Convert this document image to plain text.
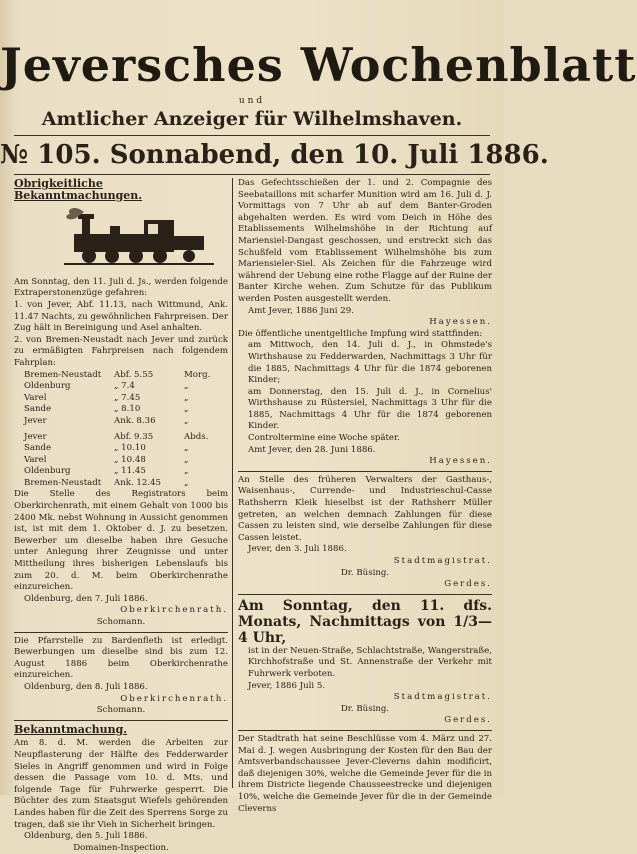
Jeversches Wochenblatt
und
Amtlicher Anzeiger für Wilhelmshaven.
№ 105. Sonnabend, den 10. Juli 1886.
Obrigkeitliche Bekanntmachungen.

Am Sonntag, den 11. Juli d. Js., werden folgende Extraperstonenzüge gefahren:

1. von Jever, Abf. 11.13, nach Wittmund, Ank. 11.47 Nachts, zu gewöhnlichen Fahrpreisen. Der Zug hält in Bereinigung und Asel anhalten.

2. von Bremen-Neustadt nach Jever und zurück zu ermäßigten Fahrpreisen nach folgendem Fahrplan:

Bremen-Neustadt	Abf. 5.55	Morg.
Oldenburg	„ 7.4	„
Varel	„ 7.45	„
Sande	„ 8.10	„
Jever	Ank. 8.36	„
Jever	Abf. 9.35	Abds.
Sande	„ 10.10	„
Varel	„ 10.48	„
Oldenburg	„ 11.45	„
Bremen-Neustadt	Ank. 12.45	„

Die Stelle des Registrators beim Oberkirchenrath, mit einem Gehalt von 1000 bis 2400 Mk. nebst Wohnung in Aussicht genommen ist, ist mit dem 1. Oktober d. J. zu besetzen. Bewerber um dieselbe haben ihre Gesuche unter Anlegung ihrer Zeugnisse und unter Mittheilung ihres bisherigen Lebenslaufs bis zum 20. d. M. beim Oberkirchenrathe einzureichen.

Oldenburg, den 7. Juli 1886.

Oberkirchenrath.

Schomann.

Die Pfarrstelle zu Bardenfleth ist erledigt. Bewerbungen um dieselbe sind bis zum 12. August 1886 beim Oberkirchenrathe einzureichen.

Oldenburg, den 8. Juli 1886.

Oberkirchenrath.

Schomann.

Bekanntmachung.

Am 8. d. M. werden die Arbeiten zur Neupflasterung der Hälfte des Fedderwarder Sieles in Angriff genommen und wird in Folge dessen die Passage vom 10. d. Mts. und folgende Tage für Fuhrwerke gesperrt. Die Büchter des zum Staatsgut Wiefels gehörenden Landes haben für die Zeit des Sperrens Sorge zu tragen, daß sie ihr Vieh in Sicherheit bringen.

Oldenburg, den 5. Juli 1886.

Domainen-Inspection.

Das Gefechtsschießen der 1. und 2. Compagnie des Seebataillons mit scharfer Munition wird am 16. Juli d. J. Vormittags von 7 Uhr ab auf dem Banter-Groden abgehalten werden. Es wird vom Deich in Höhe des Etablissements Wilhelmshöhe in der Richtung auf Mariensiel-Dangast geschossen, und erstreckt sich das Schußfeld vom Etablissement Wilhelmshöhe bis zum Mariensieler-Siel. Als Zeichen für die Fahrzeuge wird während der Uebung eine rothe Flagge auf der Ruine der Banter Kirche wehen. Zum Schutze für das Publikum werden Posten ausgestellt werden.

Amt Jever, 1886 Juni 29.

Hayessen.

Die öffentliche unentgeltliche Impfung wird stattfinden:

am Mittwoch, den 14. Juli d. J., in Ohmstede's Wirthshause zu Fedderwarden, Nachmittags 3 Uhr für die 1885, Nachmittags 4 Uhr für die 1874 geborenen Kinder;

am Donnerstag, den 15. Juli d. J., in Cornelius' Wirthshause zu Rüstersiel, Nachmittags 3 Uhr für die 1885, Nachmittags 4 Uhr für die 1874 geborenen Kinder.

Controltermine eine Woche später.

Amt Jever, den 28. Juni 1886.

Hayessen.

An Stelle des früheren Verwalters der Gasthaus-, Waisenhaus-, Currende- und Industrieschul-Casse Rathsherrn Kleik hieselbst ist der Rathsherr Müller getreten, an welchen demnach Zahlungen für diese Cassen zu leisten sind, wie derselbe Zahlungen für diese Cassen leistet.

Jever, den 3. Juli 1886.

Stadtmagistrat.

Dr. Büsing.

Gerdes.

Am Sonntag, den 11. dfs. Monats, Nachmittags von 1/3—4 Uhr,

ist in der Neuen-Straße, Schlachtstraße, Wangerstraße, Kirchhofstraße und St. Annenstraße der Verkehr mit Fuhrwerk verboten.

Jever, 1886 Juli 5.

Stadtmagistrat.

Dr. Büsing.

Gerdes.

Der Stadtrath hat seine Beschlüsse vom 4. März und 27. Mai d. J. wegen Ausbringung der Kosten für den Bau der Amtsverbandschaussee Jever-Cleverns dahin modificirt, daß diejenigen 30%, welche die Gemeinde Jever für die in ihrem Districte liegende Chausseestrecke und diejenigen 10%, welche die Gemeinde Jever für die in der Gemeinde Cleverns
